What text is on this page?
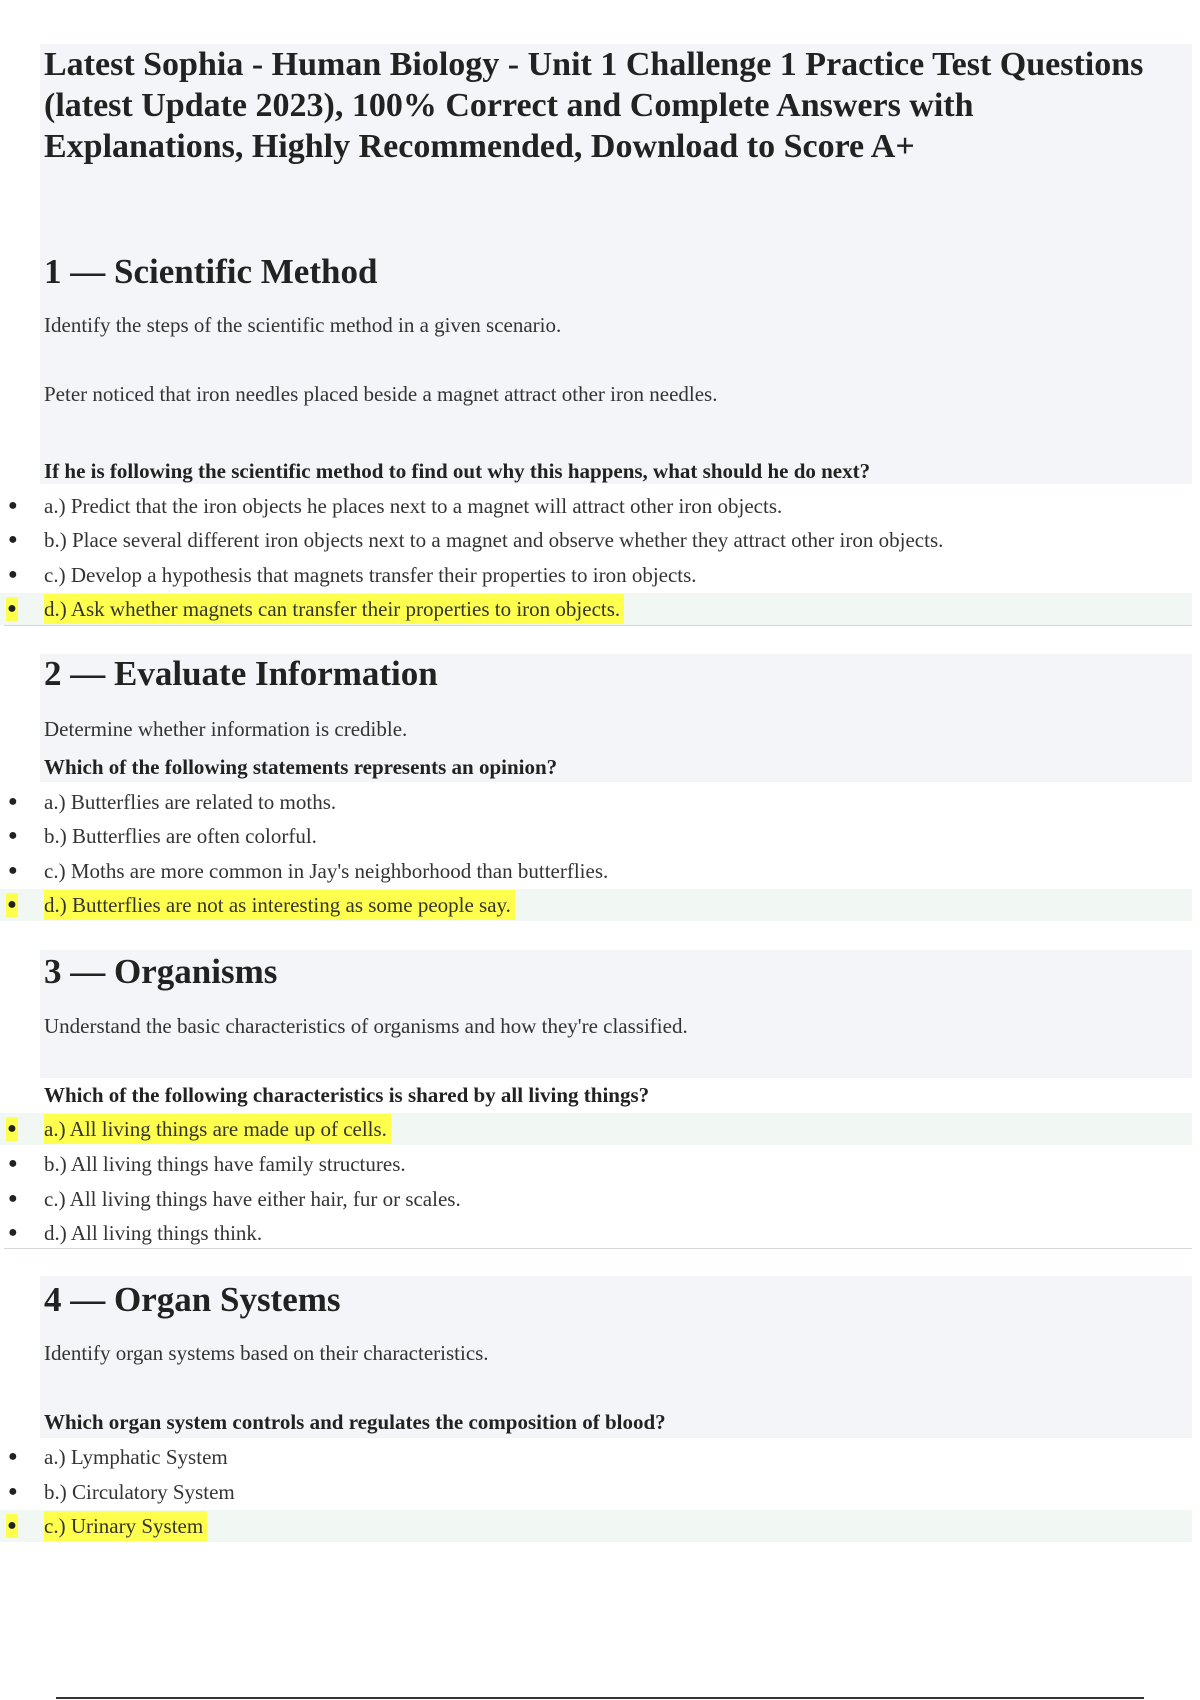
Latest Sophia - Human Biology - Unit 1 Challenge 1 Practice Test Questions (latest Update 2023), 100% Correct and Complete Answers with Explanations, Highly Recommended, Download to Score A+
1 — Scientific Method

Identify the steps of the scientific method in a given scenario.

Peter noticed that iron needles placed beside a magnet attract other iron needles.

If he is following the scientific method to find out why this happens, what should he do next?

● a.) Predict that the iron objects he places next to a magnet will attract other iron objects.
● b.) Place several different iron objects next to a magnet and observe whether they attract other iron objects.
● c.) Develop a hypothesis that magnets transfer their properties to iron objects.
● d.) Ask whether magnets can transfer their properties to iron objects.
2 — Evaluate Information

Determine whether information is credible.

Which of the following statements represents an opinion?

● a.) Butterflies are related to moths.
● b.) Butterflies are often colorful.
● c.) Moths are more common in Jay's neighborhood than butterflies.
● d.) Butterflies are not as interesting as some people say.
3 — Organisms

Understand the basic characteristics of organisms and how they're classified.

Which of the following characteristics is shared by all living things?

● a.) All living things are made up of cells.
● b.) All living things have family structures.
● c.) All living things have either hair, fur or scales.
● d.) All living things think.
4 — Organ Systems

Identify organ systems based on their characteristics.

Which organ system controls and regulates the composition of blood?

● a.) Lymphatic System
● b.) Circulatory System
● c.) Urinary System
